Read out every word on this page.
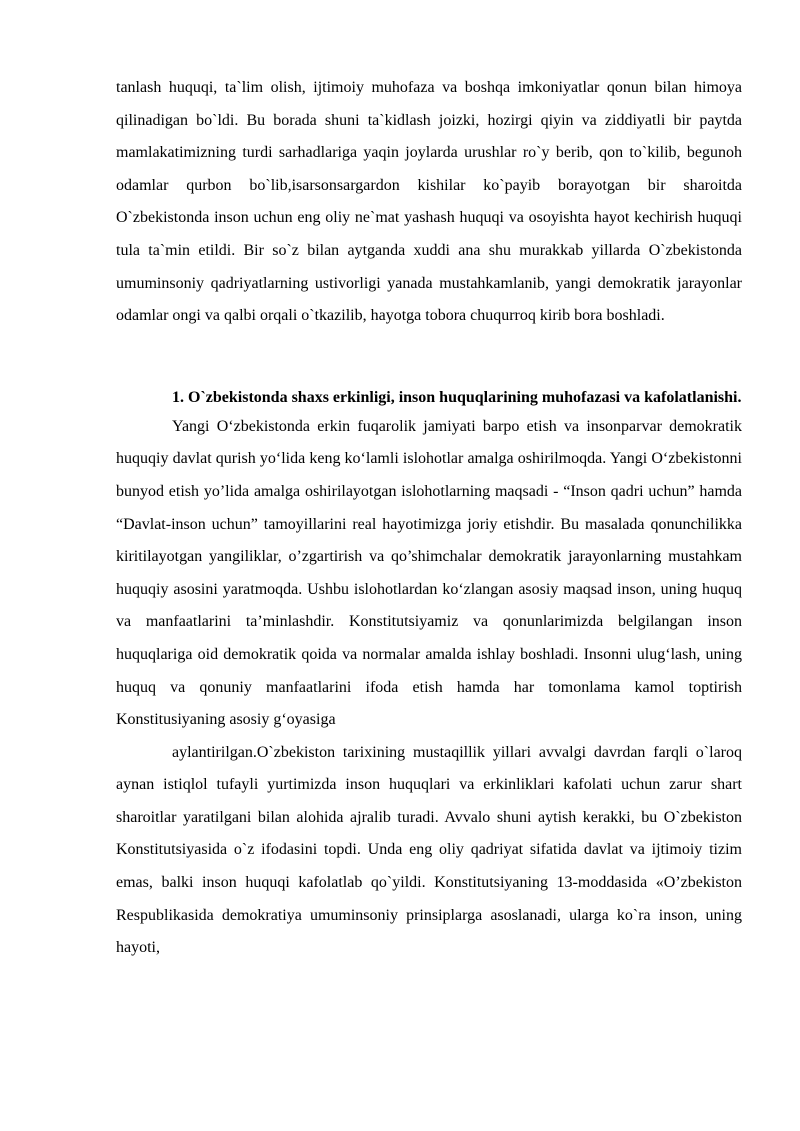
tanlash huquqi, ta`lim olish, ijtimoiy muhofaza va boshqa imkoniyatlar qonun bilan himoya qilinadigan bo`ldi. Bu borada shuni ta`kidlash joizki, hozirgi qiyin va ziddiyatli bir paytda mamlakatimizning turdi sarhadlariga yaqin joylarda urushlar ro`y berib, qon to`kilib, begunoh odamlar qurbon bo`lib,isarsonsargardon kishilar ko`payib borayotgan bir sharoitda O`zbekistonda inson uchun eng oliy ne`mat yashash huquqi va osoyishta hayot kechirish huquqi tula ta`min etildi. Bir so`z bilan aytganda xuddi ana shu murakkab yillarda O`zbekistonda umuminsoniy qadriyatlarning ustivorligi yanada mustahkamlanib, yangi demokratik jarayonlar odamlar ongi va qalbi orqali o`tkazilib, hayotga tobora chuqurroq kirib bora boshladi.

1. O`zbekistonda shaxs erkinligi, inson huquqlarining muhofazasi va kafolatlanishi.

Yangi O‘zbekistonda erkin fuqarolik jamiyati barpo etish va insonparvar demokratik huquqiy davlat qurish yo‘lida keng ko‘lamli islohotlar amalga oshirilmoqda. Yangi O‘zbekistonni bunyod etish yo’lida amalga oshirilayotgan islohotlarning maqsadi - “Inson qadri uchun” hamda “Davlat-inson uchun” tamoyillarini real hayotimizga joriy etishdir. Bu masalada qonunchilikka kiritilayotgan yangiliklar, o’zgartirish va qo’shimchalar demokratik jarayonlarning mustahkam huquqiy asosini yaratmoqda. Ushbu islohotlardan ko‘zlangan asosiy maqsad inson, uning huquq va manfaatlarini ta’minlashdir. Konstitutsiyamiz va qonunlarimizda belgilangan inson huquqlariga oid demokratik qoida va normalar amalda ishlay boshladi. Insonni ulug‘lash, uning huquq va qonuniy manfaatlarini ifoda etish hamda har tomonlama kamol toptirish Konstitusiyaning asosiy g‘oyasiga

aylantirilgan.O`zbekiston tarixining mustaqillik yillari avvalgi davrdan farqli o`laroq aynan istiqlol tufayli yurtimizda inson huquqlari va erkinliklari kafolati uchun zarur shart sharoitlar yaratilgani bilan alohida ajralib turadi. Avvalo shuni aytish kerakki, bu O`zbekiston Konstitutsiyasida o`z ifodasini topdi. Unda eng oliy qadriyat sifatida davlat va ijtimoiy tizim emas, balki inson huquqi kafolatlab qo`yildi. Konstitutsiyaning 13-moddasida «O’zbekiston Respublikasida demokratiya umuminsoniy prinsiplarga asoslanadi, ularga ko`ra inson, uning hayoti,
